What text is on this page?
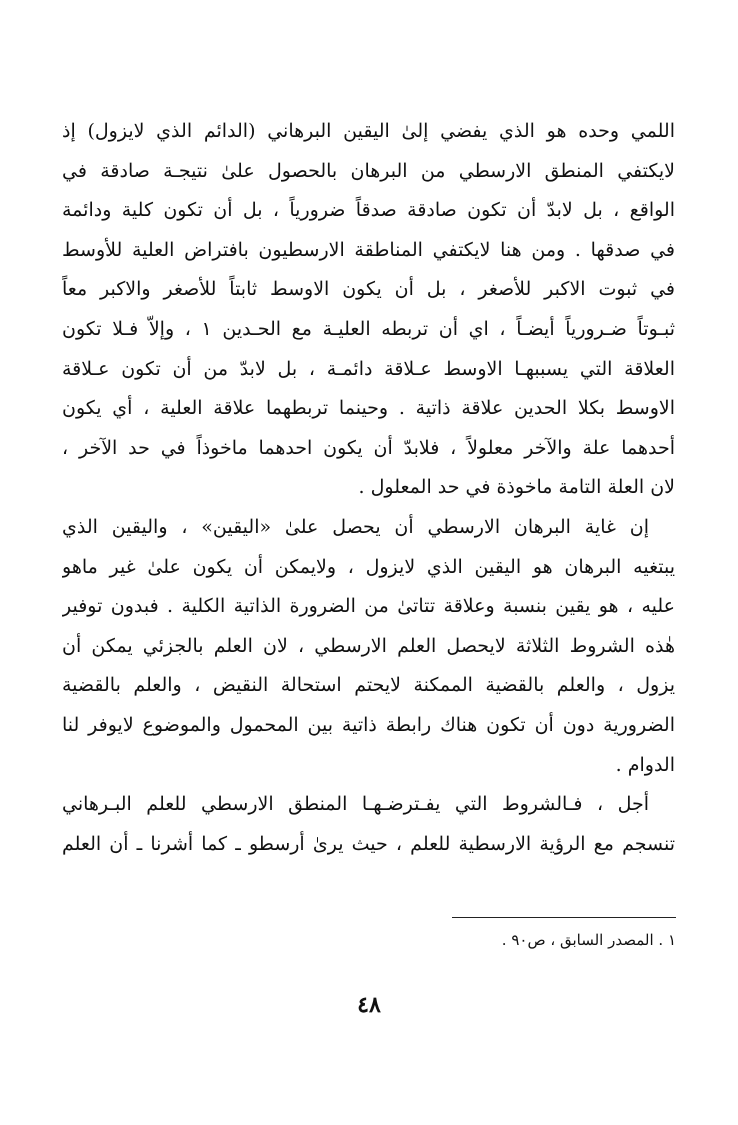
اللمي وحده هو الذي يفضي إلىٰ اليقين البرهاني (الدائم الذي لايزول) إذ
لايكتفي المنطق الارسطي من البرهان بالحصول علىٰ نتيجـة صادقة في
الواقع ، بل لابدّ أن تكون صادقة صدقاً ضرورياً ، بل أن تكون كلية ودائمة
في صدقها . ومن هنا لايكتفي المناطقة الارسطيون بافتراض العلية للأوسط
في ثبوت الاكبر للأصغر ، بل أن يكون الاوسط ثابتاً للأصغر والاكبر معاً
ثبـوتاً ضـرورياً أيضـاً ، اي أن تربطه العليـة مع الحـدين ١ ، وإلاّ فـلا تكون
العلاقة التي يسببهـا الاوسط عـلاقة دائمـة ، بل لابدّ من أن تكون عـلاقة
الاوسط بكلا الحدين علاقة ذاتية . وحينما تربطهما علاقة العلية ، أي يكون
أحدهما علة والآخر معلولاً ، فلابدّ أن يكون احدهما ماخوذاً في حد الآخر ،
لان العلة التامة ماخوذة في حد المعلول .
إن غاية البرهان الارسطي أن يحصل علىٰ «اليقين» ، واليقين الذي
يبتغيه البرهان هو اليقين الذي لايزول ، ولايمكن أن يكون علىٰ غير ماهو
عليه ، هو يقين بنسبة وعلاقة تتاتىٰ من الضرورة الذاتية الكلية . فبدون توفير
هٰذه الشروط الثلاثة لايحصل العلم الارسطي ، لان العلم بالجزئي يمكن أن
يزول ، والعلم بالقضية الممكنة لايحتم استحالة النقيض ، والعلم بالقضية
الضرورية دون أن تكون هناك رابطة ذاتية بين المحمول والموضوع لايوفر لنا
الدوام .
أجل ، فـالشروط التي يفـترضـهـا المنطق الارسطي للعلم البـرهاني
تنسجم مع الرؤية الارسطية للعلم ، حيث يرىٰ أرسطو ـ كما أشرنا ـ أن العلم
١ . المصدر السابق ، ص٩٠ .
٤٨
